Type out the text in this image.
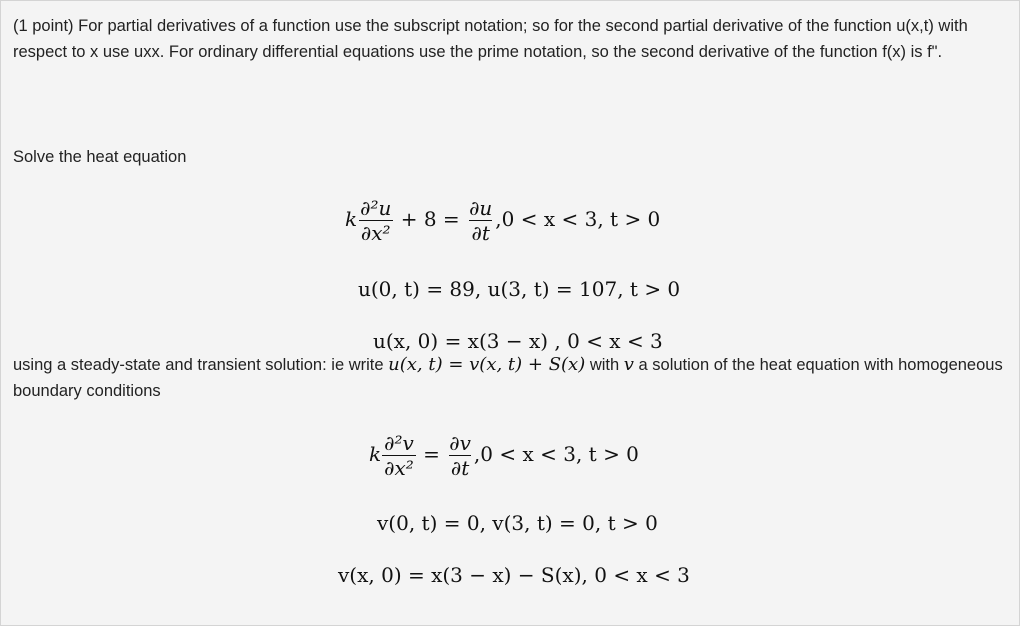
(1 point) For partial derivatives of a function use the subscript notation; so for the second partial derivative of the function u(x,t) with respect to x use uxx. For ordinary differential equations use the prime notation, so the second derivative of the function f(x) is f".

Solve the heat equation

k $\frac{\text{∂²u}}{\text{∂x²}} + 8 = \frac{\partial u}{\partial t} ,0 < x < 3$, t > 0
u(0, t) = 89, u(3, t) = 107, t > 0
u(x, 0) = x(3 − x) , 0 < x < 3

using a steady-state and transient solution: ie write u(x, t) = v(x, t) + S(x) with v a solution of the heat equation with homogeneous boundary conditions

k $\frac{\text{∂²v}}{\text{∂x²}} = \frac{\partial v}{\partial t} ,0 < x < 3$, t > 0
v(0, t) = 0, v(3, t) = 0, t > 0
v(x, 0) = x(3 − x) − S(x), 0 < x < 3
